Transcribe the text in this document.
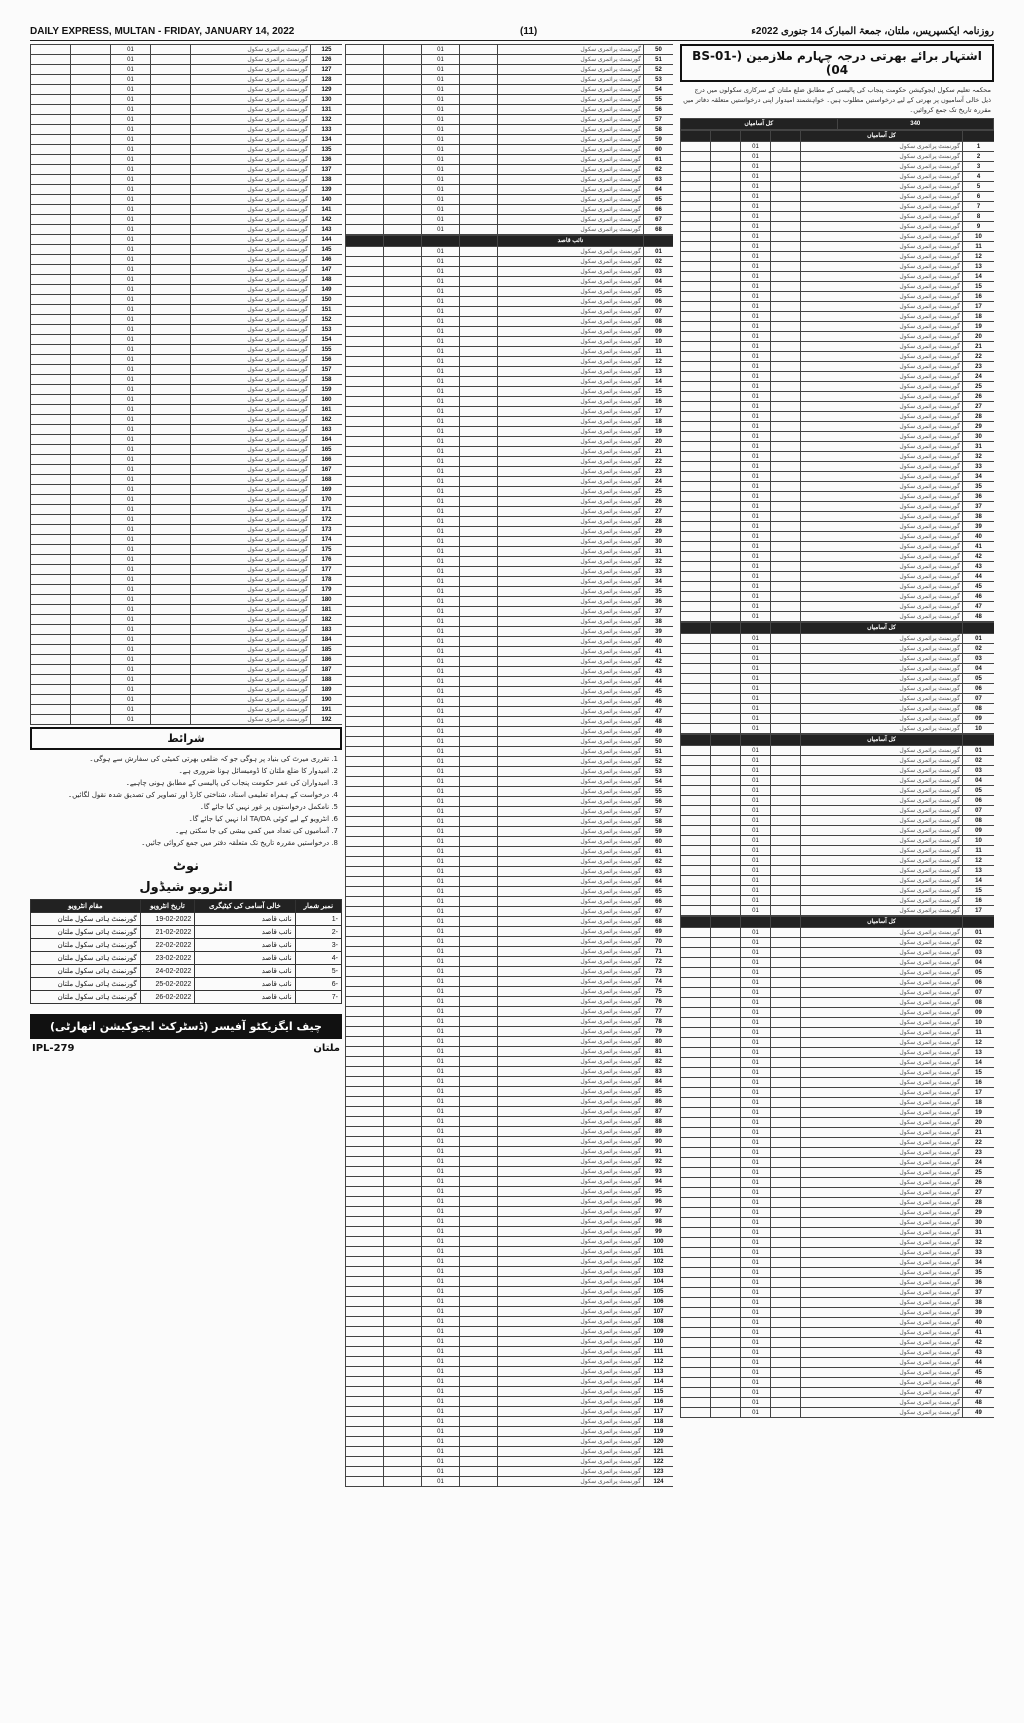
DAILY EXPRESS, MULTAN - FRIDAY, JANUARY 14, 2022	(11)	روزنامہ ایکسپریس، ملتان، جمعۃ المبارک 14 جنوری 2022ء
		01		گورنمنٹ پرائمری سکول	125
		01		گورنمنٹ پرائمری سکول	126
		01		گورنمنٹ پرائمری سکول	127
		01		گورنمنٹ پرائمری سکول	128
		01		گورنمنٹ پرائمری سکول	129
		01		گورنمنٹ پرائمری سکول	130
		01		گورنمنٹ پرائمری سکول	131
		01		گورنمنٹ پرائمری سکول	132
		01		گورنمنٹ پرائمری سکول	133
		01		گورنمنٹ پرائمری سکول	134
		01		گورنمنٹ پرائمری سکول	135
		01		گورنمنٹ پرائمری سکول	136
		01		گورنمنٹ پرائمری سکول	137
		01		گورنمنٹ پرائمری سکول	138
		01		گورنمنٹ پرائمری سکول	139
		01		گورنمنٹ پرائمری سکول	140
		01		گورنمنٹ پرائمری سکول	141
		01		گورنمنٹ پرائمری سکول	142
		01		گورنمنٹ پرائمری سکول	143
		01		گورنمنٹ پرائمری سکول	144
		01		گورنمنٹ پرائمری سکول	145
		01		گورنمنٹ پرائمری سکول	146
		01		گورنمنٹ پرائمری سکول	147
		01		گورنمنٹ پرائمری سکول	148
		01		گورنمنٹ پرائمری سکول	149
		01		گورنمنٹ پرائمری سکول	150
		01		گورنمنٹ پرائمری سکول	151
		01		گورنمنٹ پرائمری سکول	152
		01		گورنمنٹ پرائمری سکول	153
		01		گورنمنٹ پرائمری سکول	154
		01		گورنمنٹ پرائمری سکول	155
		01		گورنمنٹ پرائمری سکول	156
		01		گورنمنٹ پرائمری سکول	157
		01		گورنمنٹ پرائمری سکول	158
		01		گورنمنٹ پرائمری سکول	159
		01		گورنمنٹ پرائمری سکول	160
		01		گورنمنٹ پرائمری سکول	161
		01		گورنمنٹ پرائمری سکول	162
		01		گورنمنٹ پرائمری سکول	163
		01		گورنمنٹ پرائمری سکول	164
		01		گورنمنٹ پرائمری سکول	165
		01		گورنمنٹ پرائمری سکول	166
		01		گورنمنٹ پرائمری سکول	167
		01		گورنمنٹ پرائمری سکول	168
		01		گورنمنٹ پرائمری سکول	169
		01		گورنمنٹ پرائمری سکول	170
		01		گورنمنٹ پرائمری سکول	171
		01		گورنمنٹ پرائمری سکول	172
		01		گورنمنٹ پرائمری سکول	173
		01		گورنمنٹ پرائمری سکول	174
		01		گورنمنٹ پرائمری سکول	175
		01		گورنمنٹ پرائمری سکول	176
		01		گورنمنٹ پرائمری سکول	177
		01		گورنمنٹ پرائمری سکول	178
		01		گورنمنٹ پرائمری سکول	179
		01		گورنمنٹ پرائمری سکول	180
		01		گورنمنٹ پرائمری سکول	181
		01		گورنمنٹ پرائمری سکول	182
		01		گورنمنٹ پرائمری سکول	183
		01		گورنمنٹ پرائمری سکول	184
		01		گورنمنٹ پرائمری سکول	185
		01		گورنمنٹ پرائمری سکول	186
		01		گورنمنٹ پرائمری سکول	187
		01		گورنمنٹ پرائمری سکول	188
		01		گورنمنٹ پرائمری سکول	189
		01		گورنمنٹ پرائمری سکول	190
		01		گورنمنٹ پرائمری سکول	191
		01		گورنمنٹ پرائمری سکول	192
شرائط

1. تقرری میرٹ کی بنیاد پر ہوگی جو کہ ضلعی بھرتی کمیٹی کی سفارش سے ہوگی۔

2. امیدوار کا ضلع ملتان کا ڈومیسائل ہونا ضروری ہے۔

3. امیدواران کی عمر حکومت پنجاب کی پالیسی کے مطابق ہونی چاہیے۔

4. درخواست کے ہمراہ تعلیمی اسناد، شناختی کارڈ اور تصاویر کی تصدیق شدہ نقول لگائیں۔

5. نامکمل درخواستوں پر غور نہیں کیا جائے گا۔

6. انٹرویو کے لیے کوئی TA/DA ادا نہیں کیا جائے گا۔

7. آسامیوں کی تعداد میں کمی بیشی کی جا سکتی ہے۔

8. درخواستیں مقررہ تاریخ تک متعلقہ دفتر میں جمع کروائی جائیں۔

نوٹ
انٹرویو شیڈول
نمبر شمار	خالی آسامی کی کیٹیگری	تاریخ انٹرویو	مقام انٹرویو
-1	نائب قاصد	19-02-2022	گورنمنٹ ہائی سکول ملتان
-2	نائب قاصد	21-02-2022	گورنمنٹ ہائی سکول ملتان
-3	نائب قاصد	22-02-2022	گورنمنٹ ہائی سکول ملتان
-4	نائب قاصد	23-02-2022	گورنمنٹ ہائی سکول ملتان
-5	نائب قاصد	24-02-2022	گورنمنٹ ہائی سکول ملتان
-6	نائب قاصد	25-02-2022	گورنمنٹ ہائی سکول ملتان
-7	نائب قاصد	26-02-2022	گورنمنٹ ہائی سکول ملتان
چیف ایگزیکٹو آفیسر (ڈسٹرکٹ ایجوکیشن اتھارٹی)
IPL-279	ملتان
		01		گورنمنٹ پرائمری سکول	50
		01		گورنمنٹ پرائمری سکول	51
		01		گورنمنٹ پرائمری سکول	52
		01		گورنمنٹ پرائمری سکول	53
		01		گورنمنٹ پرائمری سکول	54
		01		گورنمنٹ پرائمری سکول	55
		01		گورنمنٹ پرائمری سکول	56
		01		گورنمنٹ پرائمری سکول	57
		01		گورنمنٹ پرائمری سکول	58
		01		گورنمنٹ پرائمری سکول	59
		01		گورنمنٹ پرائمری سکول	60
		01		گورنمنٹ پرائمری سکول	61
		01		گورنمنٹ پرائمری سکول	62
		01		گورنمنٹ پرائمری سکول	63
		01		گورنمنٹ پرائمری سکول	64
		01		گورنمنٹ پرائمری سکول	65
		01		گورنمنٹ پرائمری سکول	66
		01		گورنمنٹ پرائمری سکول	67
		01		گورنمنٹ پرائمری سکول	68
				نائب قاصد	
		01		گورنمنٹ پرائمری سکول	01
		01		گورنمنٹ پرائمری سکول	02
		01		گورنمنٹ پرائمری سکول	03
		01		گورنمنٹ پرائمری سکول	04
		01		گورنمنٹ پرائمری سکول	05
		01		گورنمنٹ پرائمری سکول	06
		01		گورنمنٹ پرائمری سکول	07
		01		گورنمنٹ پرائمری سکول	08
		01		گورنمنٹ پرائمری سکول	09
		01		گورنمنٹ پرائمری سکول	10
		01		گورنمنٹ پرائمری سکول	11
		01		گورنمنٹ پرائمری سکول	12
		01		گورنمنٹ پرائمری سکول	13
		01		گورنمنٹ پرائمری سکول	14
		01		گورنمنٹ پرائمری سکول	15
		01		گورنمنٹ پرائمری سکول	16
		01		گورنمنٹ پرائمری سکول	17
		01		گورنمنٹ پرائمری سکول	18
		01		گورنمنٹ پرائمری سکول	19
		01		گورنمنٹ پرائمری سکول	20
		01		گورنمنٹ پرائمری سکول	21
		01		گورنمنٹ پرائمری سکول	22
		01		گورنمنٹ پرائمری سکول	23
		01		گورنمنٹ پرائمری سکول	24
		01		گورنمنٹ پرائمری سکول	25
		01		گورنمنٹ پرائمری سکول	26
		01		گورنمنٹ پرائمری سکول	27
		01		گورنمنٹ پرائمری سکول	28
		01		گورنمنٹ پرائمری سکول	29
		01		گورنمنٹ پرائمری سکول	30
		01		گورنمنٹ پرائمری سکول	31
		01		گورنمنٹ پرائمری سکول	32
		01		گورنمنٹ پرائمری سکول	33
		01		گورنمنٹ پرائمری سکول	34
		01		گورنمنٹ پرائمری سکول	35
		01		گورنمنٹ پرائمری سکول	36
		01		گورنمنٹ پرائمری سکول	37
		01		گورنمنٹ پرائمری سکول	38
		01		گورنمنٹ پرائمری سکول	39
		01		گورنمنٹ پرائمری سکول	40
		01		گورنمنٹ پرائمری سکول	41
		01		گورنمنٹ پرائمری سکول	42
		01		گورنمنٹ پرائمری سکول	43
		01		گورنمنٹ پرائمری سکول	44
		01		گورنمنٹ پرائمری سکول	45
		01		گورنمنٹ پرائمری سکول	46
		01		گورنمنٹ پرائمری سکول	47
		01		گورنمنٹ پرائمری سکول	48
		01		گورنمنٹ پرائمری سکول	49
		01		گورنمنٹ پرائمری سکول	50
		01		گورنمنٹ پرائمری سکول	51
		01		گورنمنٹ پرائمری سکول	52
		01		گورنمنٹ پرائمری سکول	53
		01		گورنمنٹ پرائمری سکول	54
		01		گورنمنٹ پرائمری سکول	55
		01		گورنمنٹ پرائمری سکول	56
		01		گورنمنٹ پرائمری سکول	57
		01		گورنمنٹ پرائمری سکول	58
		01		گورنمنٹ پرائمری سکول	59
		01		گورنمنٹ پرائمری سکول	60
		01		گورنمنٹ پرائمری سکول	61
		01		گورنمنٹ پرائمری سکول	62
		01		گورنمنٹ پرائمری سکول	63
		01		گورنمنٹ پرائمری سکول	64
		01		گورنمنٹ پرائمری سکول	65
		01		گورنمنٹ پرائمری سکول	66
		01		گورنمنٹ پرائمری سکول	67
		01		گورنمنٹ پرائمری سکول	68
		01		گورنمنٹ پرائمری سکول	69
		01		گورنمنٹ پرائمری سکول	70
		01		گورنمنٹ پرائمری سکول	71
		01		گورنمنٹ پرائمری سکول	72
		01		گورنمنٹ پرائمری سکول	73
		01		گورنمنٹ پرائمری سکول	74
		01		گورنمنٹ پرائمری سکول	75
		01		گورنمنٹ پرائمری سکول	76
		01		گورنمنٹ پرائمری سکول	77
		01		گورنمنٹ پرائمری سکول	78
		01		گورنمنٹ پرائمری سکول	79
		01		گورنمنٹ پرائمری سکول	80
		01		گورنمنٹ پرائمری سکول	81
		01		گورنمنٹ پرائمری سکول	82
		01		گورنمنٹ پرائمری سکول	83
		01		گورنمنٹ پرائمری سکول	84
		01		گورنمنٹ پرائمری سکول	85
		01		گورنمنٹ پرائمری سکول	86
		01		گورنمنٹ پرائمری سکول	87
		01		گورنمنٹ پرائمری سکول	88
		01		گورنمنٹ پرائمری سکول	89
		01		گورنمنٹ پرائمری سکول	90
		01		گورنمنٹ پرائمری سکول	91
		01		گورنمنٹ پرائمری سکول	92
		01		گورنمنٹ پرائمری سکول	93
		01		گورنمنٹ پرائمری سکول	94
		01		گورنمنٹ پرائمری سکول	95
		01		گورنمنٹ پرائمری سکول	96
		01		گورنمنٹ پرائمری سکول	97
		01		گورنمنٹ پرائمری سکول	98
		01		گورنمنٹ پرائمری سکول	99
		01		گورنمنٹ پرائمری سکول	100
		01		گورنمنٹ پرائمری سکول	101
		01		گورنمنٹ پرائمری سکول	102
		01		گورنمنٹ پرائمری سکول	103
		01		گورنمنٹ پرائمری سکول	104
		01		گورنمنٹ پرائمری سکول	105
		01		گورنمنٹ پرائمری سکول	106
		01		گورنمنٹ پرائمری سکول	107
		01		گورنمنٹ پرائمری سکول	108
		01		گورنمنٹ پرائمری سکول	109
		01		گورنمنٹ پرائمری سکول	110
		01		گورنمنٹ پرائمری سکول	111
		01		گورنمنٹ پرائمری سکول	112
		01		گورنمنٹ پرائمری سکول	113
		01		گورنمنٹ پرائمری سکول	114
		01		گورنمنٹ پرائمری سکول	115
		01		گورنمنٹ پرائمری سکول	116
		01		گورنمنٹ پرائمری سکول	117
		01		گورنمنٹ پرائمری سکول	118
		01		گورنمنٹ پرائمری سکول	119
		01		گورنمنٹ پرائمری سکول	120
		01		گورنمنٹ پرائمری سکول	121
		01		گورنمنٹ پرائمری سکول	122
		01		گورنمنٹ پرائمری سکول	123
		01		گورنمنٹ پرائمری سکول	124
اشتہار برائے بھرتی درجہ چہارم ملازمین (BS-01-04)
محکمہ تعلیم سکول ایجوکیشن حکومت پنجاب کی پالیسی کے مطابق ضلع ملتان کے سرکاری سکولوں میں درج ذیل خالی آسامیوں پر بھرتی کے لیے درخواستیں مطلوب ہیں۔ خواہشمند امیدوار اپنی درخواستیں متعلقہ دفاتر میں مقررہ تاریخ تک جمع کروائیں۔
کل آسامیاں	340
				کل آسامیاں	
		01		گورنمنٹ پرائمری سکول	1
		01		گورنمنٹ پرائمری سکول	2
		01		گورنمنٹ پرائمری سکول	3
		01		گورنمنٹ پرائمری سکول	4
		01		گورنمنٹ پرائمری سکول	5
		01		گورنمنٹ پرائمری سکول	6
		01		گورنمنٹ پرائمری سکول	7
		01		گورنمنٹ پرائمری سکول	8
		01		گورنمنٹ پرائمری سکول	9
		01		گورنمنٹ پرائمری سکول	10
		01		گورنمنٹ پرائمری سکول	11
		01		گورنمنٹ پرائمری سکول	12
		01		گورنمنٹ پرائمری سکول	13
		01		گورنمنٹ پرائمری سکول	14
		01		گورنمنٹ پرائمری سکول	15
		01		گورنمنٹ پرائمری سکول	16
		01		گورنمنٹ پرائمری سکول	17
		01		گورنمنٹ پرائمری سکول	18
		01		گورنمنٹ پرائمری سکول	19
		01		گورنمنٹ پرائمری سکول	20
		01		گورنمنٹ پرائمری سکول	21
		01		گورنمنٹ پرائمری سکول	22
		01		گورنمنٹ پرائمری سکول	23
		01		گورنمنٹ پرائمری سکول	24
		01		گورنمنٹ پرائمری سکول	25
		01		گورنمنٹ پرائمری سکول	26
		01		گورنمنٹ پرائمری سکول	27
		01		گورنمنٹ پرائمری سکول	28
		01		گورنمنٹ پرائمری سکول	29
		01		گورنمنٹ پرائمری سکول	30
		01		گورنمنٹ پرائمری سکول	31
		01		گورنمنٹ پرائمری سکول	32
		01		گورنمنٹ پرائمری سکول	33
		01		گورنمنٹ پرائمری سکول	34
		01		گورنمنٹ پرائمری سکول	35
		01		گورنمنٹ پرائمری سکول	36
		01		گورنمنٹ پرائمری سکول	37
		01		گورنمنٹ پرائمری سکول	38
		01		گورنمنٹ پرائمری سکول	39
		01		گورنمنٹ پرائمری سکول	40
		01		گورنمنٹ پرائمری سکول	41
		01		گورنمنٹ پرائمری سکول	42
		01		گورنمنٹ پرائمری سکول	43
		01		گورنمنٹ پرائمری سکول	44
		01		گورنمنٹ پرائمری سکول	45
		01		گورنمنٹ پرائمری سکول	46
		01		گورنمنٹ پرائمری سکول	47
		01		گورنمنٹ پرائمری سکول	48
				کل آسامیاں	
		01		گورنمنٹ پرائمری سکول	01
		01		گورنمنٹ پرائمری سکول	02
		01		گورنمنٹ پرائمری سکول	03
		01		گورنمنٹ پرائمری سکول	04
		01		گورنمنٹ پرائمری سکول	05
		01		گورنمنٹ پرائمری سکول	06
		01		گورنمنٹ پرائمری سکول	07
		01		گورنمنٹ پرائمری سکول	08
		01		گورنمنٹ پرائمری سکول	09
		01		گورنمنٹ پرائمری سکول	10
				کل آسامیاں	
		01		گورنمنٹ پرائمری سکول	01
		01		گورنمنٹ پرائمری سکول	02
		01		گورنمنٹ پرائمری سکول	03
		01		گورنمنٹ پرائمری سکول	04
		01		گورنمنٹ پرائمری سکول	05
		01		گورنمنٹ پرائمری سکول	06
		01		گورنمنٹ پرائمری سکول	07
		01		گورنمنٹ پرائمری سکول	08
		01		گورنمنٹ پرائمری سکول	09
		01		گورنمنٹ پرائمری سکول	10
		01		گورنمنٹ پرائمری سکول	11
		01		گورنمنٹ پرائمری سکول	12
		01		گورنمنٹ پرائمری سکول	13
		01		گورنمنٹ پرائمری سکول	14
		01		گورنمنٹ پرائمری سکول	15
		01		گورنمنٹ پرائمری سکول	16
		01		گورنمنٹ پرائمری سکول	17
				کل آسامیاں	
		01		گورنمنٹ پرائمری سکول	01
		01		گورنمنٹ پرائمری سکول	02
		01		گورنمنٹ پرائمری سکول	03
		01		گورنمنٹ پرائمری سکول	04
		01		گورنمنٹ پرائمری سکول	05
		01		گورنمنٹ پرائمری سکول	06
		01		گورنمنٹ پرائمری سکول	07
		01		گورنمنٹ پرائمری سکول	08
		01		گورنمنٹ پرائمری سکول	09
		01		گورنمنٹ پرائمری سکول	10
		01		گورنمنٹ پرائمری سکول	11
		01		گورنمنٹ پرائمری سکول	12
		01		گورنمنٹ پرائمری سکول	13
		01		گورنمنٹ پرائمری سکول	14
		01		گورنمنٹ پرائمری سکول	15
		01		گورنمنٹ پرائمری سکول	16
		01		گورنمنٹ پرائمری سکول	17
		01		گورنمنٹ پرائمری سکول	18
		01		گورنمنٹ پرائمری سکول	19
		01		گورنمنٹ پرائمری سکول	20
		01		گورنمنٹ پرائمری سکول	21
		01		گورنمنٹ پرائمری سکول	22
		01		گورنمنٹ پرائمری سکول	23
		01		گورنمنٹ پرائمری سکول	24
		01		گورنمنٹ پرائمری سکول	25
		01		گورنمنٹ پرائمری سکول	26
		01		گورنمنٹ پرائمری سکول	27
		01		گورنمنٹ پرائمری سکول	28
		01		گورنمنٹ پرائمری سکول	29
		01		گورنمنٹ پرائمری سکول	30
		01		گورنمنٹ پرائمری سکول	31
		01		گورنمنٹ پرائمری سکول	32
		01		گورنمنٹ پرائمری سکول	33
		01		گورنمنٹ پرائمری سکول	34
		01		گورنمنٹ پرائمری سکول	35
		01		گورنمنٹ پرائمری سکول	36
		01		گورنمنٹ پرائمری سکول	37
		01		گورنمنٹ پرائمری سکول	38
		01		گورنمنٹ پرائمری سکول	39
		01		گورنمنٹ پرائمری سکول	40
		01		گورنمنٹ پرائمری سکول	41
		01		گورنمنٹ پرائمری سکول	42
		01		گورنمنٹ پرائمری سکول	43
		01		گورنمنٹ پرائمری سکول	44
		01		گورنمنٹ پرائمری سکول	45
		01		گورنمنٹ پرائمری سکول	46
		01		گورنمنٹ پرائمری سکول	47
		01		گورنمنٹ پرائمری سکول	48
		01		گورنمنٹ پرائمری سکول	49
